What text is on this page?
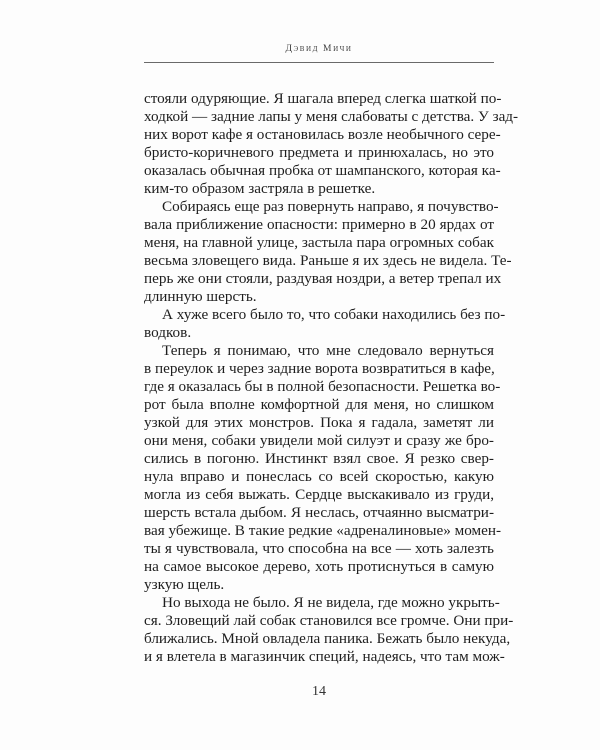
Дэвид Мичи
стояли одуряющие. Я шагала вперед слегка шаткой по-
ходкой — задние лапы у меня слабоваты с детства. У зад-
них ворот кафе я остановилась возле необычного сере-
бристо-коричневого предмета и принюхалась, но это
оказалась обычная пробка от шампанского, которая ка-
ким-то образом застряла в решетке.
Собираясь еще раз повернуть направо, я почувство-
вала приближение опасности: примерно в 20 ярдах от
меня, на главной улице, застыла пара огромных собак
весьма зловещего вида. Раньше я их здесь не видела. Те-
перь же они стояли, раздувая ноздри, а ветер трепал их
длинную шерсть.
А хуже всего было то, что собаки находились без по-
водков.
Теперь я понимаю, что мне следовало вернуться
в переулок и через задние ворота возвратиться в кафе,
где я оказалась бы в полной безопасности. Решетка во-
рот была вполне комфортной для меня, но слишком
узкой для этих монстров. Пока я гадала, заметят ли
они меня, собаки увидели мой силуэт и сразу же бро-
сились в погоню. Инстинкт взял свое. Я резко свер-
нула вправо и понеслась со всей скоростью, какую
могла из себя выжать. Сердце выскакивало из груди,
шерсть встала дыбом. Я неслась, отчаянно высматри-
вая убежище. В такие редкие «адреналиновые» момен-
ты я чувствовала, что способна на все — хоть залезть
на самое высокое дерево, хоть протиснуться в самую
узкую щель.
Но выхода не было. Я не видела, где можно укрыть-
ся. Зловещий лай собак становился все громче. Они при-
ближались. Мной овладела паника. Бежать было некуда,
и я влетела в магазинчик специй, надеясь, что там мож-
14
